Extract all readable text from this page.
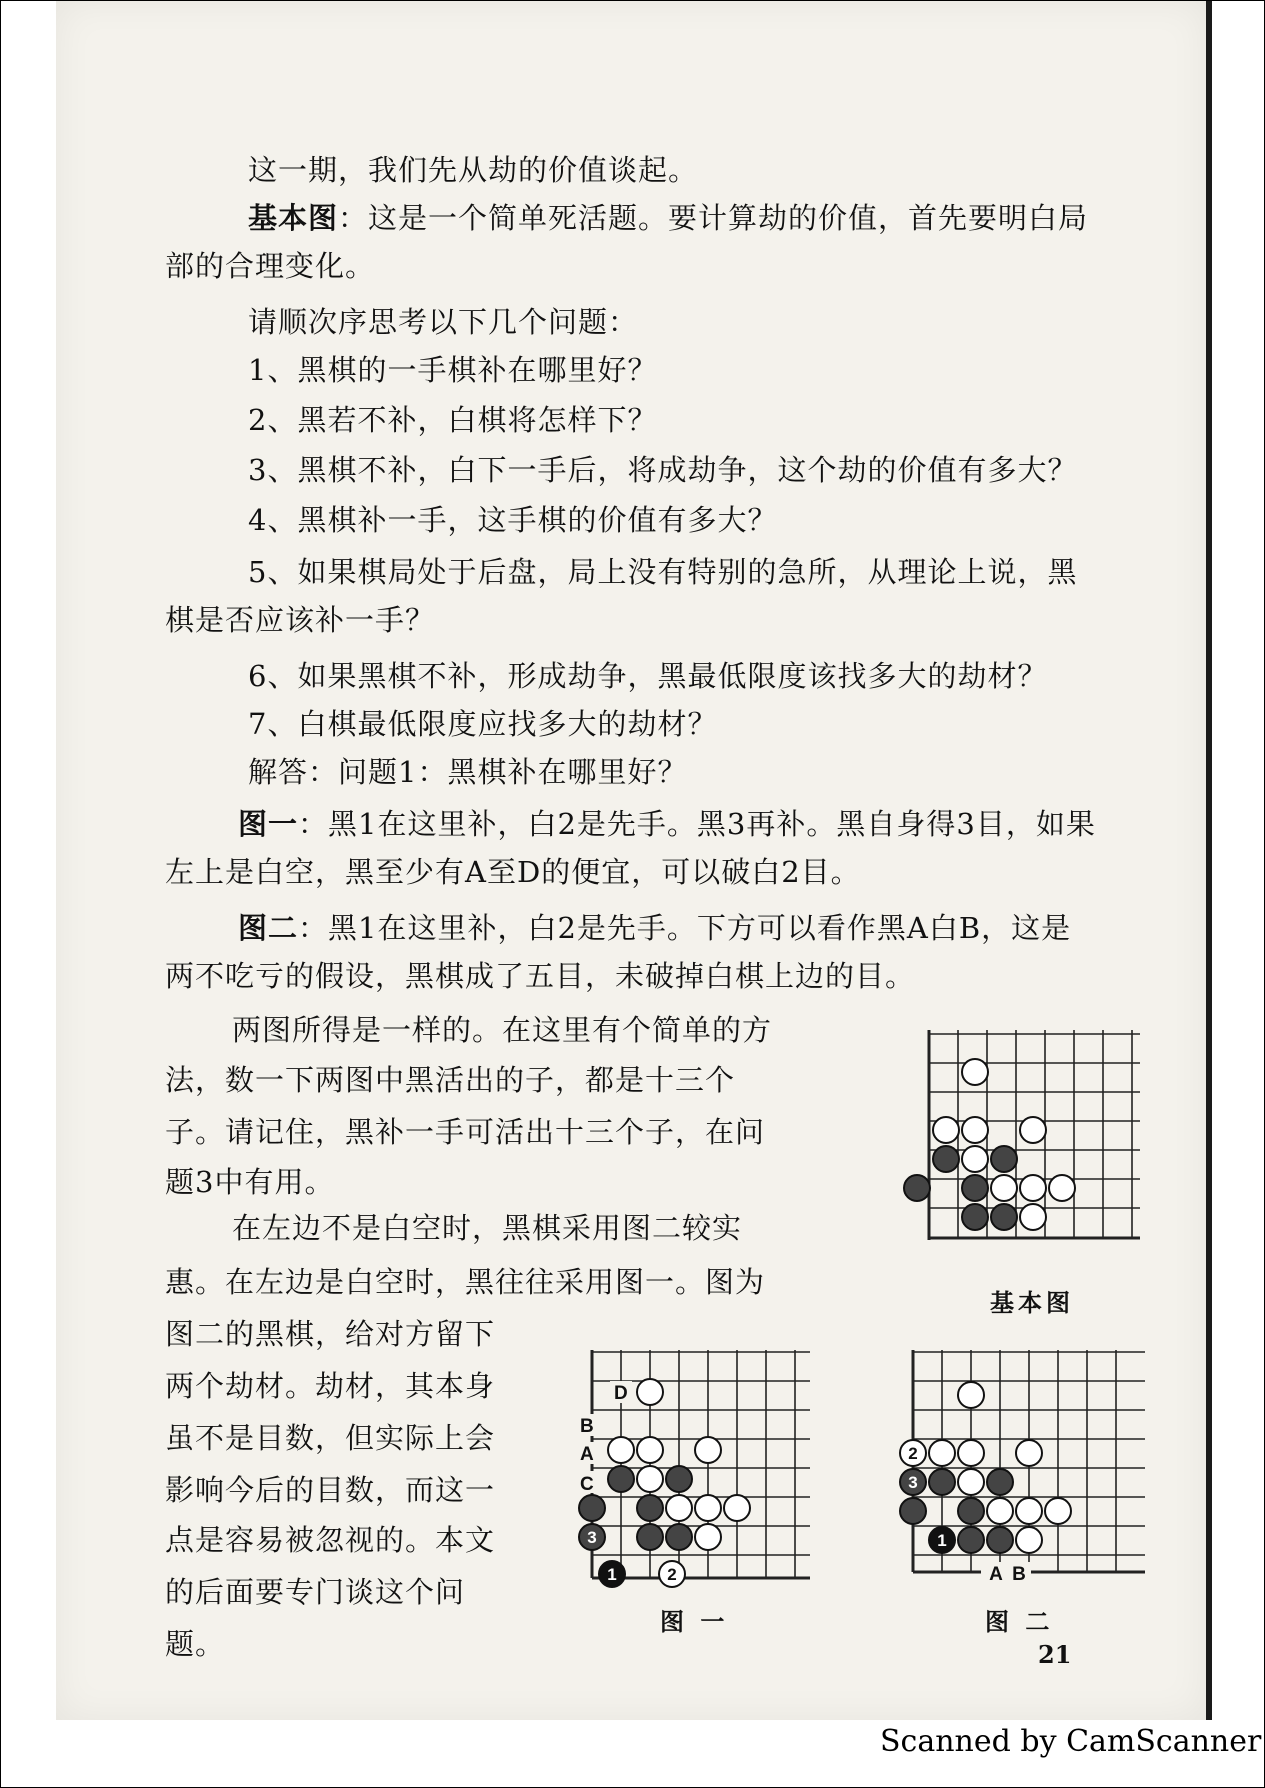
这一期，我们先从劫的价值谈起。
基本图：这是一个简单死活题。要计算劫的价值，首先要明白局
部的合理变化。
请顺次序思考以下几个问题：
1、黑棋的一手棋补在哪里好？
2、黑若不补，白棋将怎样下？
3、黑棋不补，白下一手后，将成劫争，这个劫的价值有多大？
4、黑棋补一手，这手棋的价值有多大？
5、如果棋局处于后盘，局上没有特别的急所，从理论上说，黑
棋是否应该补一手？
6、如果黑棋不补，形成劫争，黑最低限度该找多大的劫材？
7、白棋最低限度应找多大的劫材？
解答：问题1：黑棋补在哪里好？
图一：黑1在这里补，白2是先手。黑3再补。黑自身得3目，如果
左上是白空，黑至少有A至D的便宜，可以破白2目。
图二：黑1在这里补，白2是先手。下方可以看作黑A白B，这是
两不吃亏的假设，黑棋成了五目，未破掉白棋上边的目。
两图所得是一样的。在这里有个简单的方
法，数一下两图中黑活出的子，都是十三个
子。请记住，黑补一手可活出十三个子，在问
题3中有用。
在左边不是白空时，黑棋采用图二较实
惠。在左边是白空时，黑往往采用图一。图为
图二的黑棋，给对方留下
两个劫材。劫材，其本身
虽不是目数，但实际上会
影响今后的目数，而这一
点是容易被忽视的。本文
的后面要专门谈这个问
题。
基本图
D
B
A
C
3
1	2
图 一
2
3
1
A B
图 二
21
Scanned by CamScanner
